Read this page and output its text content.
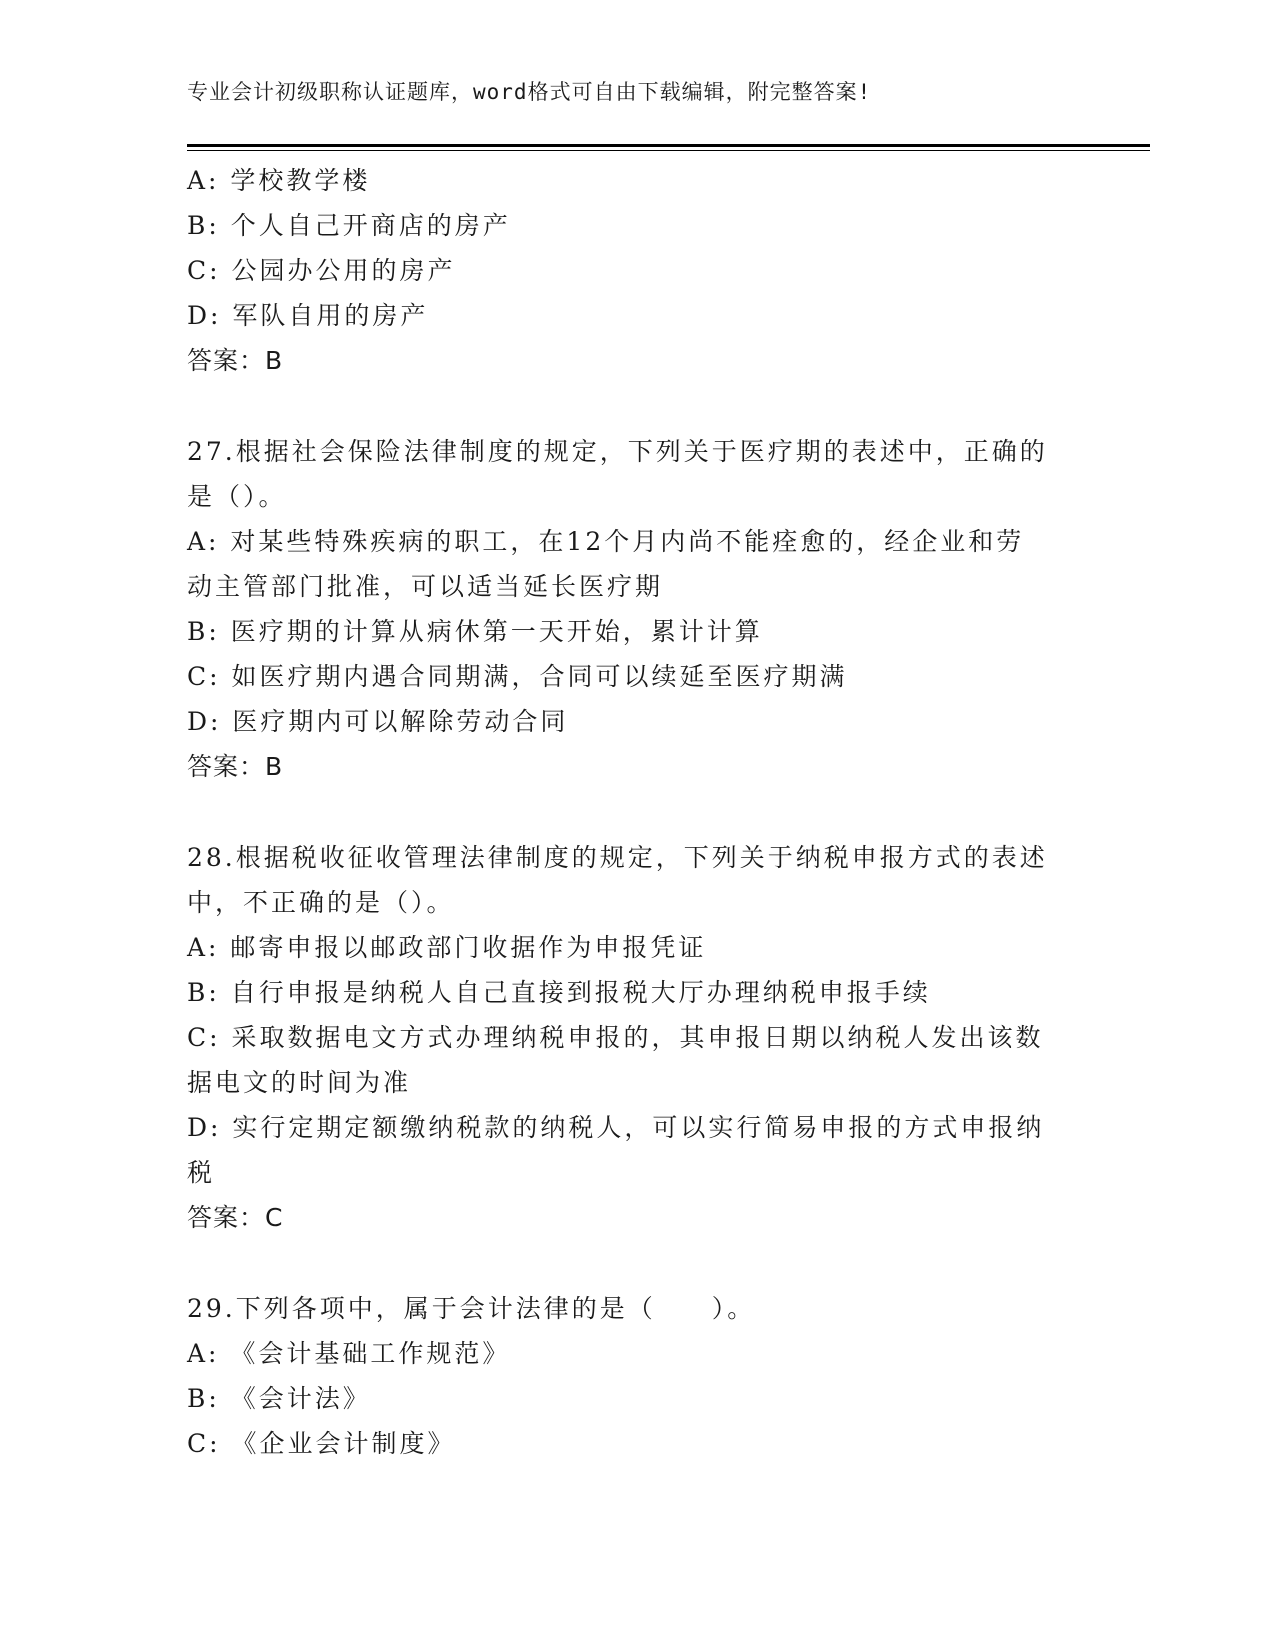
专业会计初级职称认证题库，word格式可自由下载编辑，附完整答案!
A: 学校教学楼
B: 个人自己开商店的房产
C: 公园办公用的房产
D: 军队自用的房产
答案：B
27.根据社会保险法律制度的规定，下列关于医疗期的表述中，正确的
是（）。
A: 对某些特殊疾病的职工，在12个月内尚不能痊愈的，经企业和劳
动主管部门批准，可以适当延长医疗期
B: 医疗期的计算从病休第一天开始，累计计算
C: 如医疗期内遇合同期满，合同可以续延至医疗期满
D: 医疗期内可以解除劳动合同
答案：B
28.根据税收征收管理法律制度的规定，下列关于纳税申报方式的表述
中，不正确的是（）。
A: 邮寄申报以邮政部门收据作为申报凭证
B: 自行申报是纳税人自己直接到报税大厅办理纳税申报手续
C: 采取数据电文方式办理纳税申报的，其申报日期以纳税人发出该数
据电文的时间为准
D: 实行定期定额缴纳税款的纳税人，可以实行简易申报的方式申报纳
税
答案：C
29.下列各项中，属于会计法律的是（　　）。
A: 《会计基础工作规范》
B: 《会计法》
C: 《企业会计制度》
